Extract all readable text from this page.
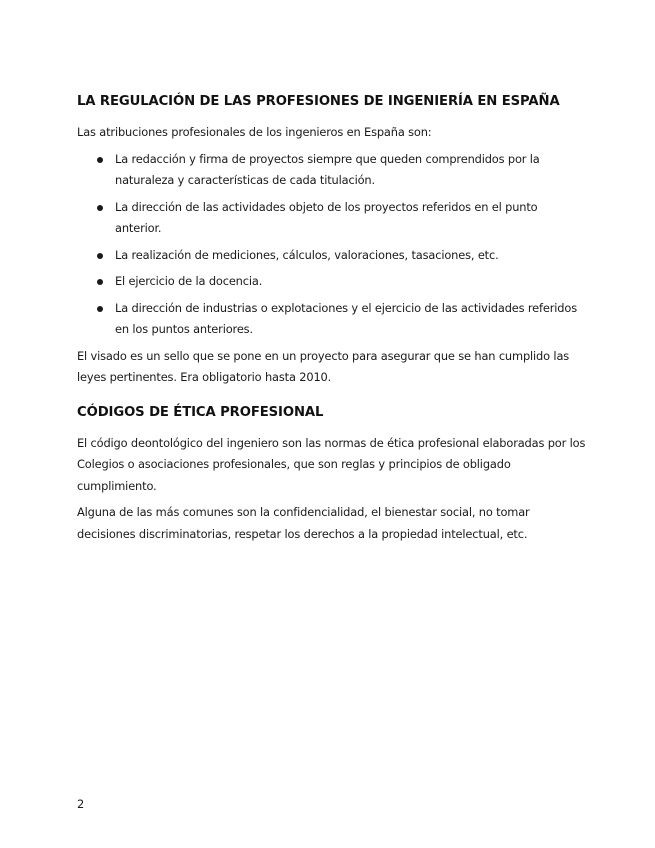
LA REGULACIÓN DE LAS PROFESIONES DE INGENIERÍA EN ESPAÑA

Las atribuciones profesionales de los ingenieros en España son:

La redacción y firma de proyectos siempre que queden comprendidos por la naturaleza y características de cada titulación.
La dirección de las actividades objeto de los proyectos referidos en el punto anterior.
La realización de mediciones, cálculos, valoraciones, tasaciones, etc.
El ejercicio de la docencia.
La dirección de industrias o explotaciones y el ejercicio de las actividades referidos en los puntos anteriores.

El visado es un sello que se pone en un proyecto para asegurar que se han cumplido las leyes pertinentes. Era obligatorio hasta 2010.

CÓDIGOS DE ÉTICA PROFESIONAL

El código deontológico del ingeniero son las normas de ética profesional elaboradas por los Colegios o asociaciones profesionales, que son reglas y principios de obligado cumplimiento.

Alguna de las más comunes son la confidencialidad, el bienestar social, no tomar decisiones discriminatorias, respetar los derechos a la propiedad intelectual, etc.

2
